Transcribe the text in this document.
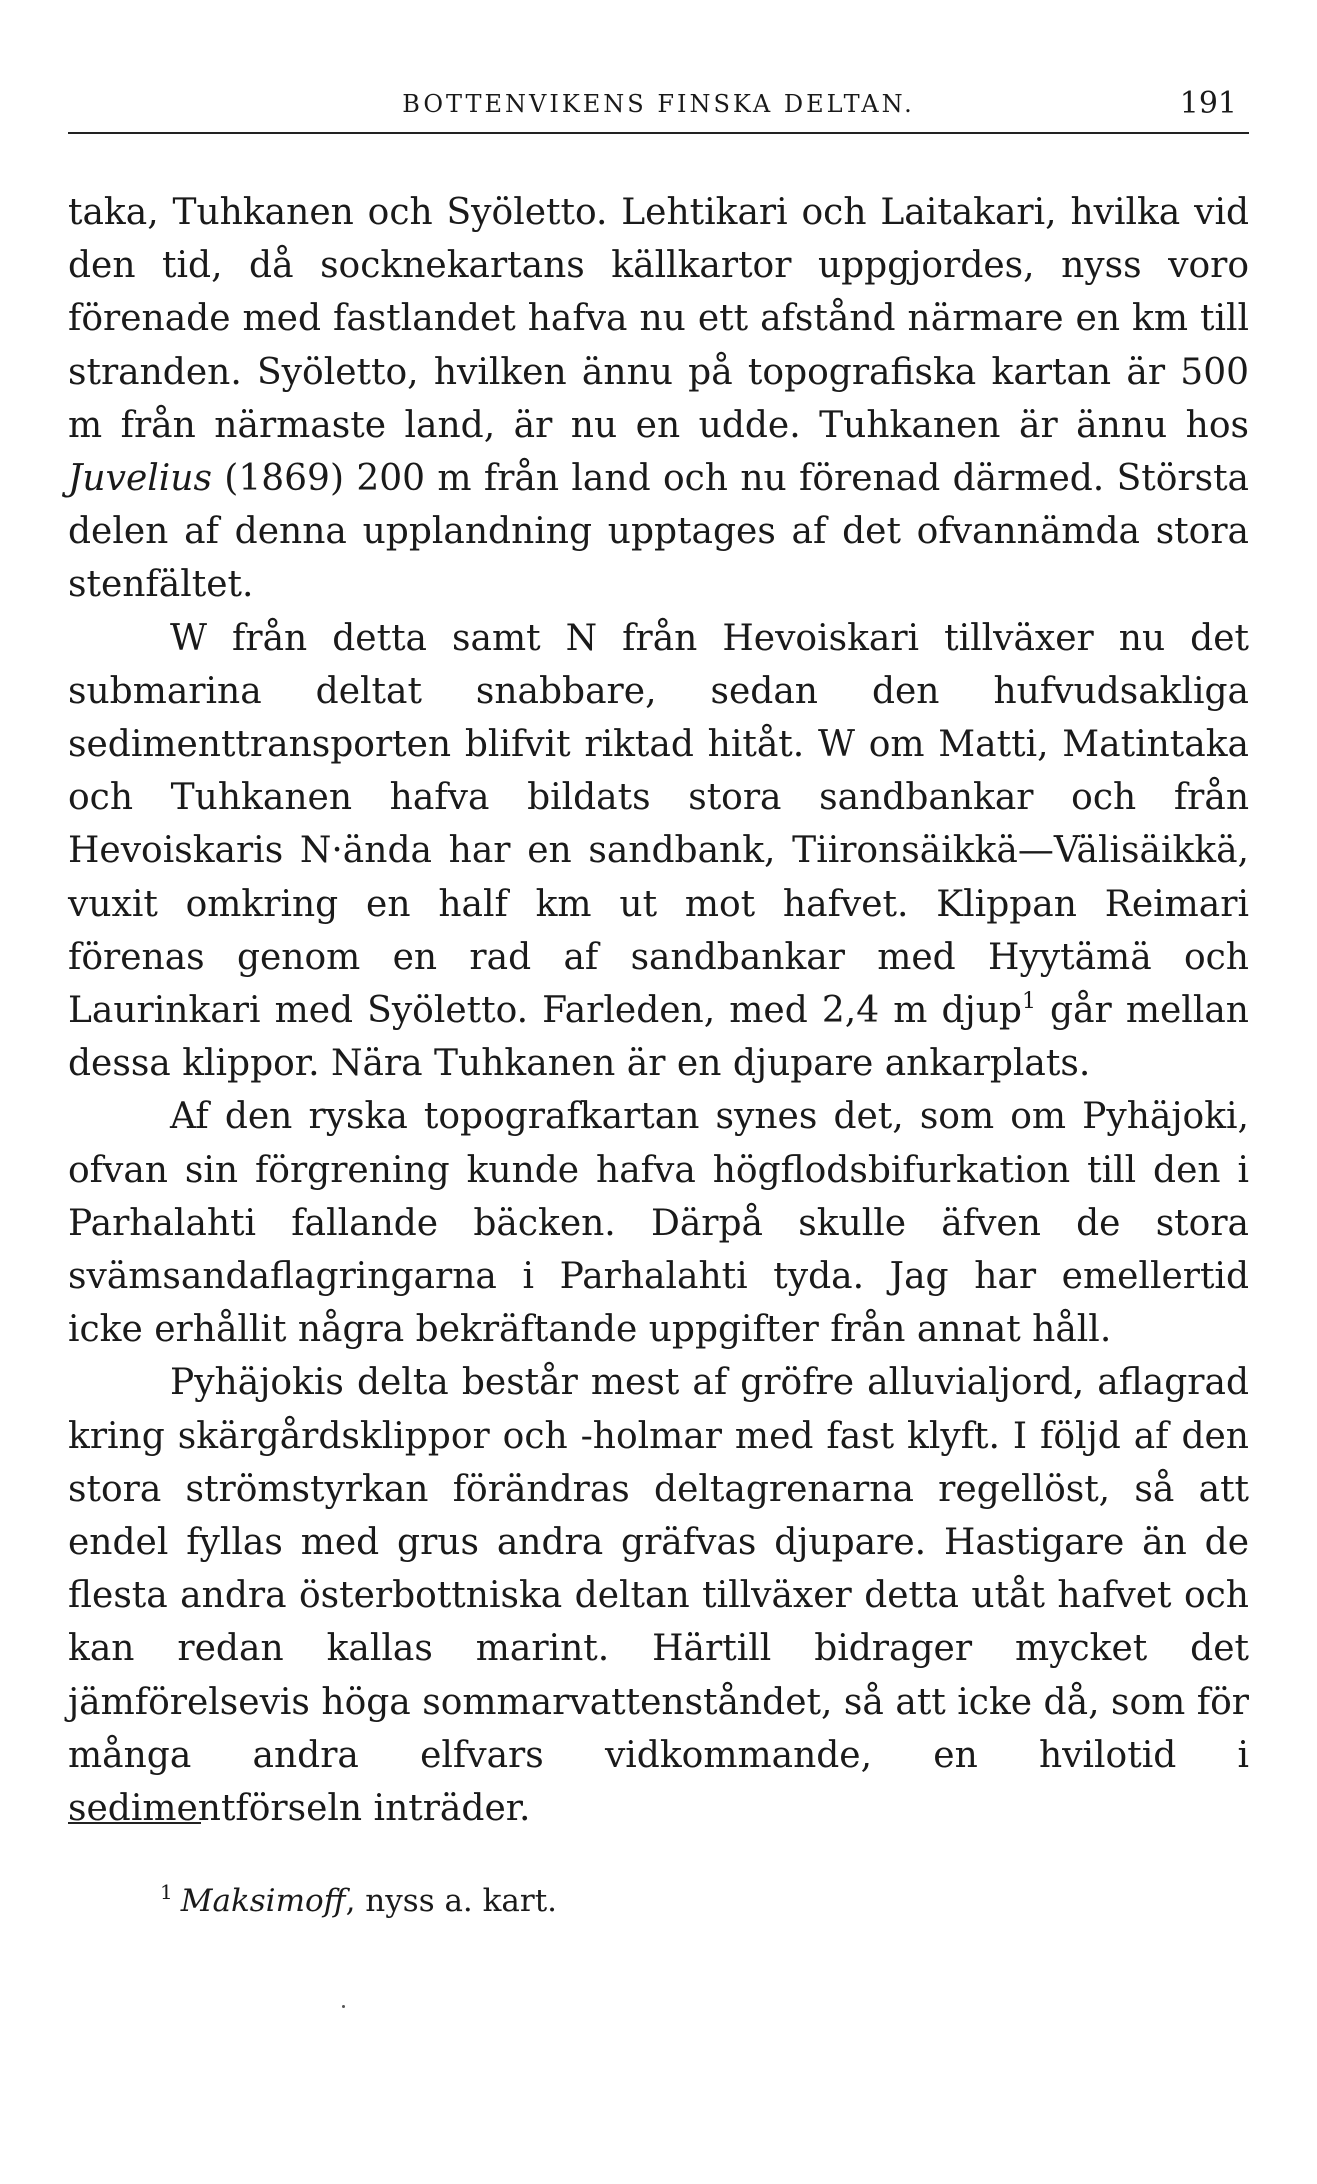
BOTTENVIKENS FINSKA DELTAN.	191

taka, Tuhkanen och Syöletto. Lehtikari och Laitakari, hvilka vid den tid, då socknekartans källkartor uppgjordes, nyss voro förenade med fastlandet hafva nu ett afstånd närmare en km till stranden. Syöletto, hvilken ännu på topografiska kartan är 500 m från närmaste land, är nu en udde. Tuhkanen är ännu hos Juvelius (1869) 200 m från land och nu förenad därmed. Största delen af denna upplandning upptages af det ofvannämda stora stenfältet.

W från detta samt N från Hevoiskari tillväxer nu det submarina deltat snabbare, sedan den hufvudsakliga sedimenttransporten blifvit riktad hitåt. W om Matti, Matintaka och Tuhkanen hafva bildats stora sandbankar och från Hevoiskaris N·ända har en sandbank, Tiironsäikkä—Välisäikkä, vuxit omkring en half km ut mot hafvet. Klippan Reimari förenas genom en rad af sandbankar med Hyytämä och Laurinkari med Syöletto. Farleden, med 2,4 m djup$^1$ går mellan dessa klippor. Nära Tuhkanen är en djupare ankarplats.

Af den ryska topografkartan synes det, som om Pyhäjoki, ofvan sin förgrening kunde hafva högflodsbifurkation till den i Parhalahti fallande bäcken. Därpå skulle äfven de stora svämsandaflagringarna i Parhalahti tyda. Jag har emellertid icke erhållit några bekräftande uppgifter från annat håll.

Pyhäjokis delta består mest af gröfre alluvialjord, aflagrad kring skärgårdsklippor och -holmar med fast klyft. I följd af den stora strömstyrkan förändras deltagrenarna regellöst, så att endel fyllas med grus andra gräfvas djupare. Hastigare än de flesta andra österbottniska deltan tillväxer detta utåt hafvet och kan redan kallas marint. Härtill bidrager mycket det jämförelsevis höga sommarvattenståndet, så att icke då, som för många andra elfvars vidkommande, en hvilotid i sedimentförseln inträder.

$^1$ Maksimoff, nyss a. kart.
